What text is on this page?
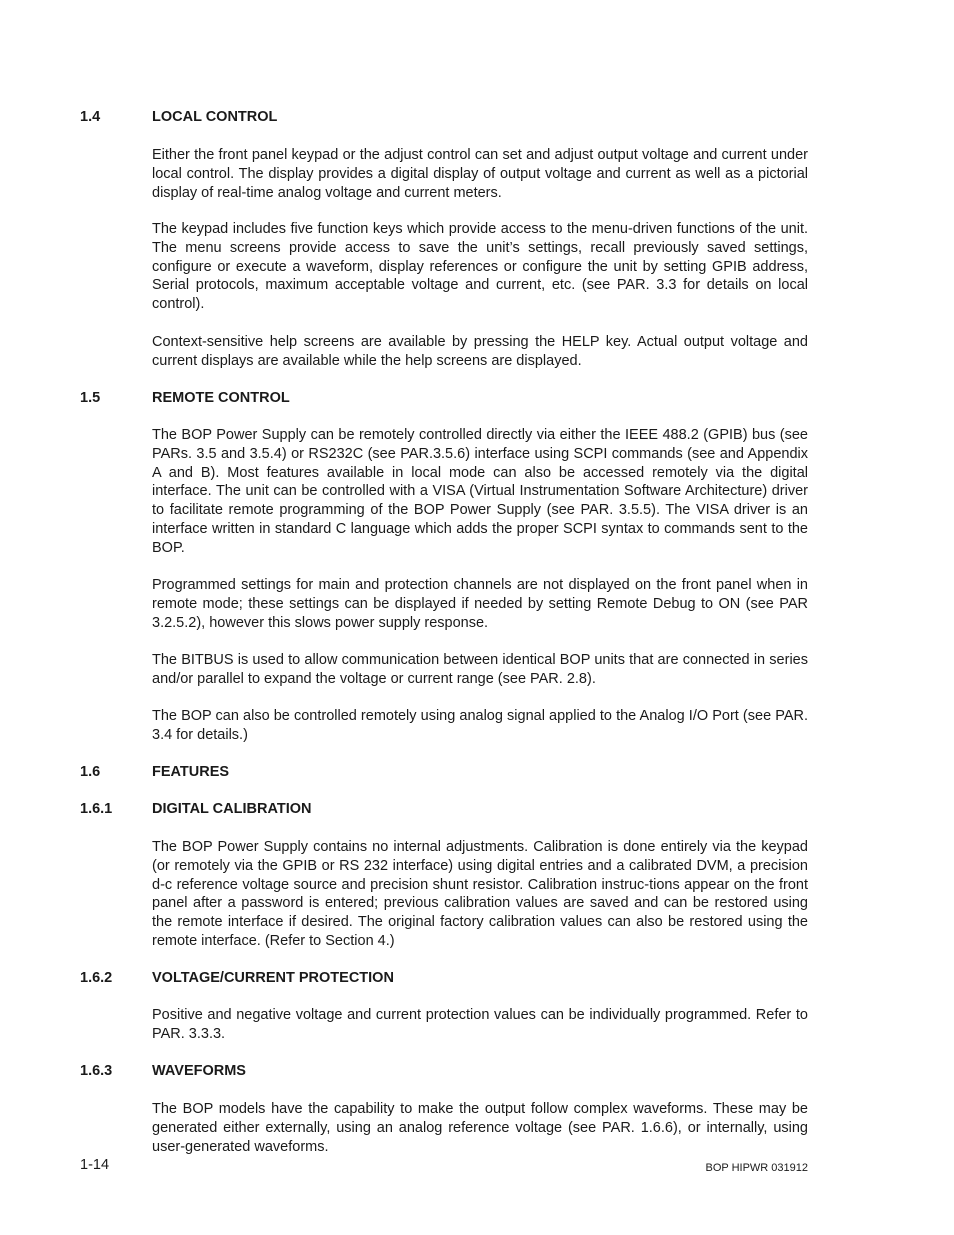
1.4	LOCAL CONTROL

Either the front panel keypad or the adjust control can set and adjust output voltage and current under local control. The display provides a digital display of output voltage and current as well as a pictorial display of real-time analog voltage and current meters.

The keypad includes five function keys which provide access to the menu-driven functions of the unit. The menu screens provide access to save the unit’s settings, recall previously saved settings, configure or execute a waveform, display references or configure the unit by setting GPIB address, Serial protocols, maximum acceptable voltage and current, etc. (see PAR. 3.3 for details on local control).

Context-sensitive help screens are available by pressing the HELP key. Actual output voltage and current displays are available while the help screens are displayed.

1.5	REMOTE CONTROL

The BOP Power Supply can be remotely controlled directly via either the IEEE 488.2 (GPIB) bus (see PARs. 3.5 and 3.5.4) or RS232C (see PAR.3.5.6) interface using SCPI commands (see and Appendix A and B). Most features available in local mode can also be accessed remotely via the digital interface. The unit can be controlled with a VISA (Virtual Instrumentation Software Architecture) driver to facilitate remote programming of the BOP Power Supply (see PAR. 3.5.5). The VISA driver is an interface written in standard C language which adds the proper SCPI syntax to commands sent to the BOP.

Programmed settings for main and protection channels are not displayed on the front panel when in remote mode; these settings can be displayed if needed by setting Remote Debug to ON (see PAR 3.2.5.2), however this slows power supply response.

The BITBUS is used to allow communication between identical BOP units that are connected in series and/or parallel to expand the voltage or current range (see PAR. 2.8).

The BOP can also be controlled remotely using analog signal applied to the Analog I/O Port (see PAR. 3.4 for details.)

1.6	FEATURES
1.6.1	DIGITAL CALIBRATION

The BOP Power Supply contains no internal adjustments. Calibration is done entirely via the keypad (or remotely via the GPIB or RS 232 interface) using digital entries and a calibrated DVM, a precision d-c reference voltage source and precision shunt resistor. Calibration instruc-tions appear on the front panel after a password is entered; previous calibration values are saved and can be restored using the remote interface if desired. The original factory calibration values can also be restored using the remote interface. (Refer to Section 4.)

1.6.2	VOLTAGE/CURRENT PROTECTION

Positive and negative voltage and current protection values can be individually programmed. Refer to PAR. 3.3.3.

1.6.3	WAVEFORMS

The BOP models have the capability to make the output follow complex waveforms. These may be generated either externally, using an analog reference voltage (see PAR. 1.6.6), or internally, using user-generated waveforms.

1-14	BOP HIPWR 031912
